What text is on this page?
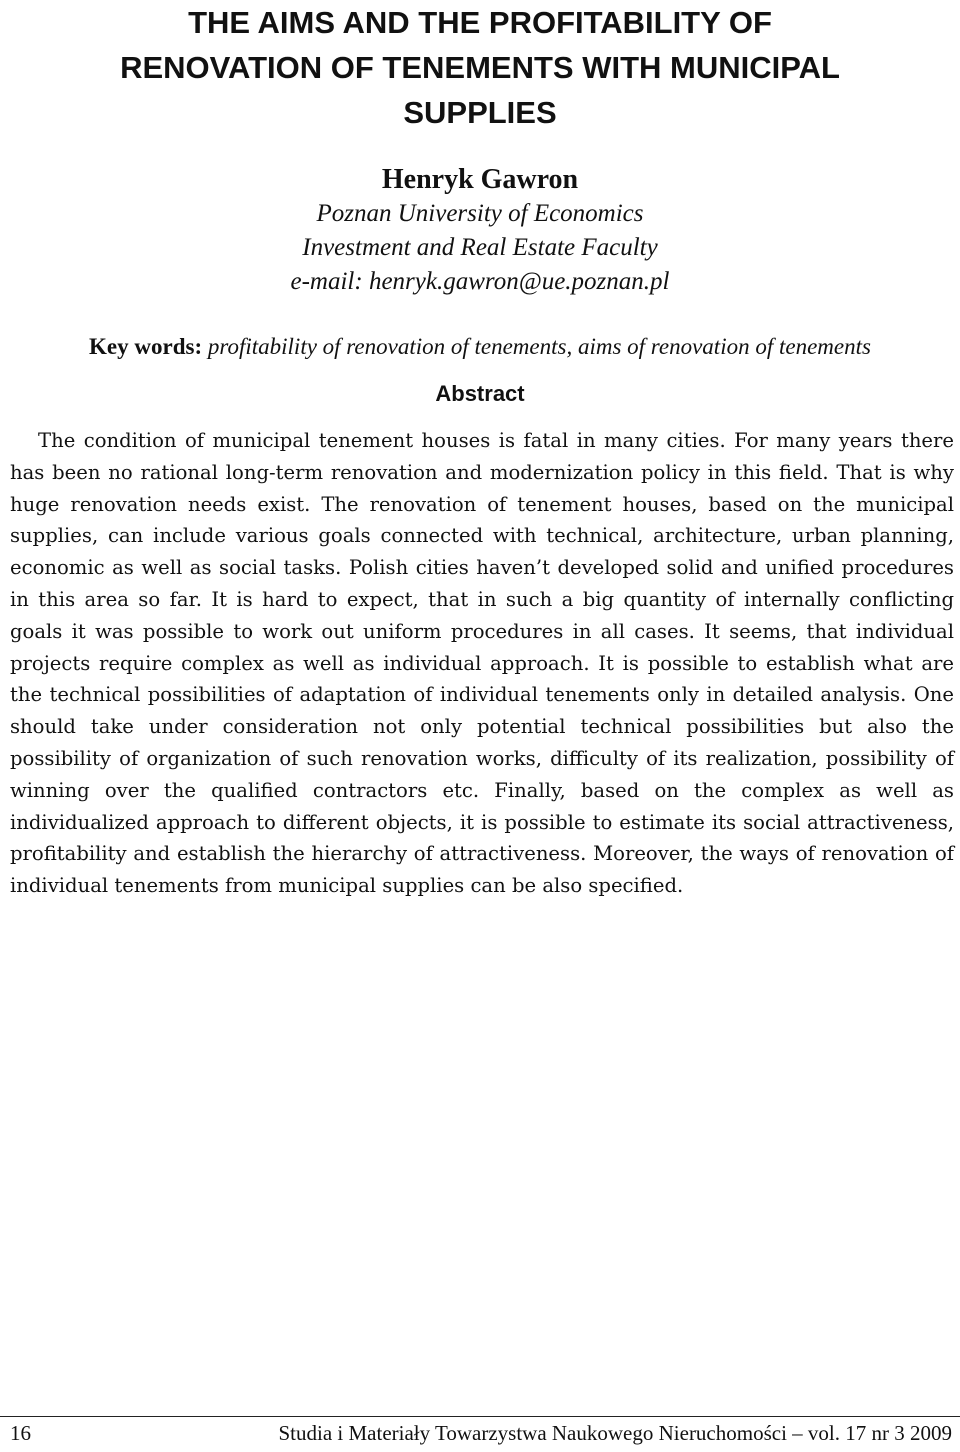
THE AIMS AND THE PROFITABILITY OF
RENOVATION OF TENEMENTS WITH MUNICIPAL
SUPPLIES
Henryk Gawron
Poznan University of Economics
Investment and Real Estate Faculty
e-mail: henryk.gawron@ue.poznan.pl
Key words: profitability of renovation of tenements, aims of renovation of tenements
Abstract

The condition of municipal tenement houses is fatal in many cities. For many years there has been no rational long-term renovation and modernization policy in this field. That is why huge renovation needs exist. The renovation of tenement houses, based on the municipal supplies, can include various goals connected with technical, architecture, urban planning, economic as well as social tasks. Polish cities haven’t developed solid and unified procedures in this area so far. It is hard to expect, that in such a big quantity of internally conflicting goals it was possible to work out uniform procedures in all cases. It seems, that individual projects require complex as well as individual approach. It is possible to establish what are the technical possibilities of adaptation of individual tenements only in detailed analysis. One should take under consideration not only potential technical possibilities but also the possibility of organization of such renovation works, difficulty of its realization, possibility of winning over the qualified contractors etc. Finally, based on the complex as well as individualized approach to different objects, it is possible to estimate its social attractiveness, profitability and establish the hierarchy of attractiveness. Moreover, the ways of renovation of individual tenements from municipal supplies can be also specified.

16	Studia i Materiały Towarzystwa Naukowego Nieruchomości – vol. 17 nr 3 2009
